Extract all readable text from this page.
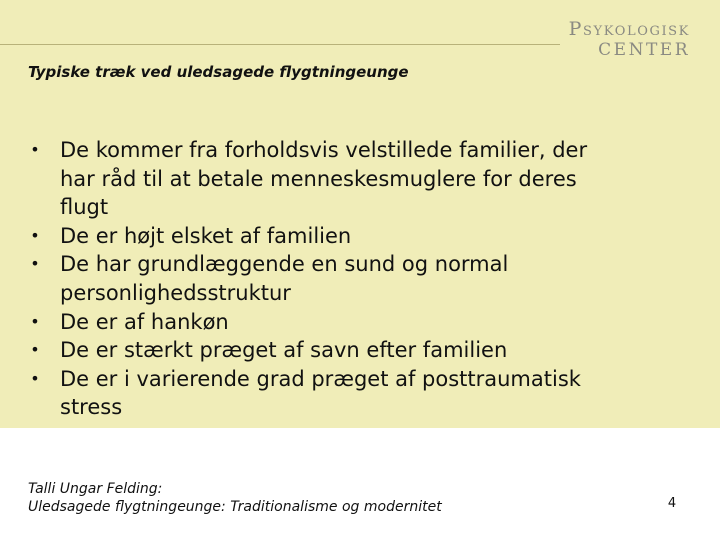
Psykologisk
CENTER
Typiske træk ved uledsagede flygtningeunge
• De kommer fra forholdsvis velstillede familier, der
har råd til at betale menneskesmuglere for deres
flugt
• De er højt elsket af familien
• De har grundlæggende en sund og normal
personlighedsstruktur
• De er af hankøn
• De er stærkt præget af savn efter familien
• De er i varierende grad præget af posttraumatisk
stress
Talli Ungar Felding:
Uledsagede flygtningeunge: Traditionalisme og modernitet	4
